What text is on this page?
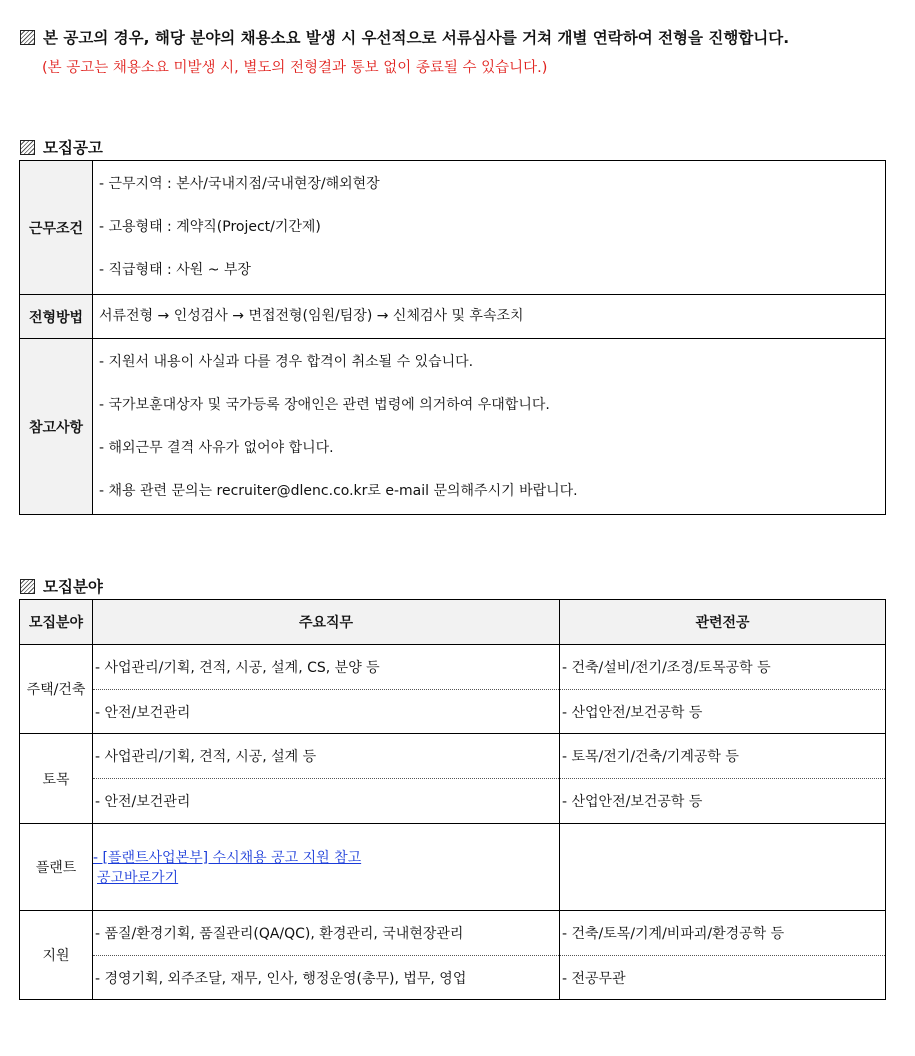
본 공고의 경우, 해당 분야의 채용소요 발생 시 우선적으로 서류심사를 거쳐 개별 연락하여 전형을 진행합니다.
(본 공고는 채용소요 미발생 시, 별도의 전형결과 통보 없이 종료될 수 있습니다.)
모집공고
근무조건	- 근무지역 : 본사/국내지점/국내현장/해외현장

- 고용형태 : 계약직(Project/기간제)

- 직급형태 : 사원 ~ 부장

전형방법	서류전형 → 인성검사 → 면접전형(임원/팀장) → 신체검사 및 후속조치

참고사항	- 지원서 내용이 사실과 다를 경우 합격이 취소될 수 있습니다.

- 국가보훈대상자 및 국가등록 장애인은 관련 법령에 의거하여 우대합니다.

- 해외근무 결격 사유가 없어야 합니다.

- 채용 관련 문의는 recruiter@dlenc.co.kr로 e-mail 문의해주시기 바랍니다.

모집분야
모집분야	주요직무	관련전공
주택/건축	- 사업관리/기획, 견적, 시공, 설계, CS, 분양 등	- 건축/설비/전기/조경/토목공학 등
	- 안전/보건관리	- 산업안전/보건공학 등
토목	- 사업관리/기획, 견적, 시공, 설계 등	- 토목/전기/건축/기계공학 등
	- 안전/보건관리	- 산업안전/보건공학 등
플랜트	- [플랜트사업본부] 수시채용 공고 지원 참고
공고바로가기	
지원	- 품질/환경기획, 품질관리(QA/QC), 환경관리, 국내현장관리	- 건축/토목/기계/비파괴/환경공학 등
	- 경영기획, 외주조달, 재무, 인사, 행정운영(총무), 법무, 영업	- 전공무관
